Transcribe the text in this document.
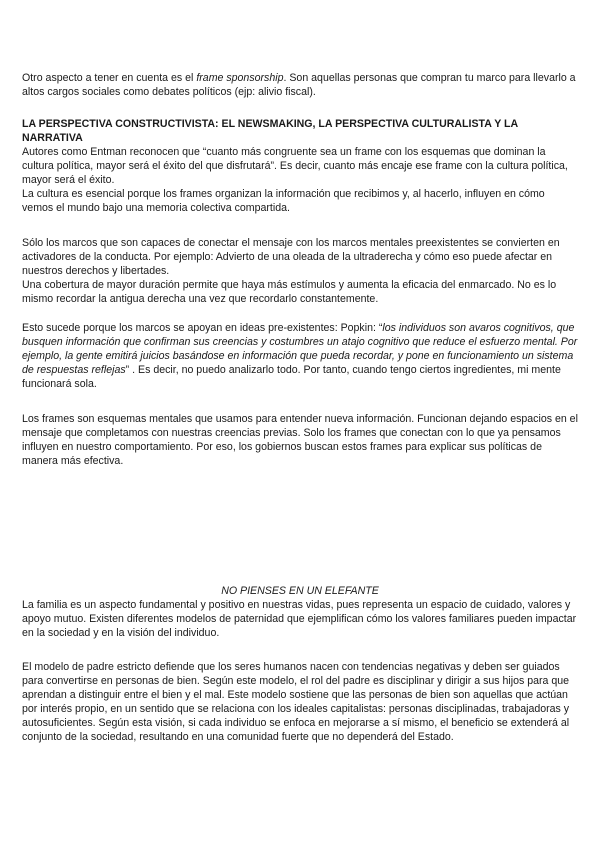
Otro aspecto a tener en cuenta es el frame sponsorship. Son aquellas personas que compran tu marco para llevarlo a altos cargos sociales como debates políticos (ejp: alivio fiscal).

LA PERSPECTIVA CONSTRUCTIVISTA: EL NEWSMAKING, LA PERSPECTIVA CULTURALISTA Y LA NARRATIVA

Autores como Entman reconocen que “cuanto más congruente sea un frame con los esquemas que dominan la cultura política, mayor será el éxito del que disfrutará”. Es decir, cuanto más encaje ese frame con la cultura política, mayor será el éxito.

La cultura es esencial porque los frames organizan la información que recibimos y, al hacerlo, influyen en cómo vemos el mundo bajo una memoria colectiva compartida.

Sólo los marcos que son capaces de conectar el mensaje con los marcos mentales preexistentes se convierten en activadores de la conducta. Por ejemplo: Advierto de una oleada de la ultraderecha y cómo eso puede afectar en nuestros derechos y libertades.

Una cobertura de mayor duración permite que haya más estímulos y aumenta la eficacia del enmarcado. No es lo mismo recordar la antigua derecha una vez que recordarlo constantemente.

Esto sucede porque los marcos se apoyan en ideas pre-existentes: Popkin: “los individuos son avaros cognitivos, que busquen información que confirman sus creencias y costumbres un atajo cognitivo que reduce el esfuerzo mental. Por ejemplo, la gente emitirá juicios basándose en información que pueda recordar, y pone en funcionamiento un sistema de respuestas reflejas” . Es decir, no puedo analizarlo todo. Por tanto, cuando tengo ciertos ingredientes, mi mente funcionará sola.

Los frames son esquemas mentales que usamos para entender nueva información. Funcionan dejando espacios en el mensaje que completamos con nuestras creencias previas. Solo los frames que conectan con lo que ya pensamos influyen en nuestro comportamiento. Por eso, los gobiernos buscan estos frames para explicar sus políticas de manera más efectiva.

NO PIENSES EN UN ELEFANTE

La familia es un aspecto fundamental y positivo en nuestras vidas, pues representa un espacio de cuidado, valores y apoyo mutuo. Existen diferentes modelos de paternidad que ejemplifican cómo los valores familiares pueden impactar en la sociedad y en la visión del individuo.

El modelo de padre estricto defiende que los seres humanos nacen con tendencias negativas y deben ser guiados para convertirse en personas de bien. Según este modelo, el rol del padre es disciplinar y dirigir a sus hijos para que aprendan a distinguir entre el bien y el mal. Este modelo sostiene que las personas de bien son aquellas que actúan por interés propio, en un sentido que se relaciona con los ideales capitalistas: personas disciplinadas, trabajadoras y autosuficientes. Según esta visión, si cada individuo se enfoca en mejorarse a sí mismo, el beneficio se extenderá al conjunto de la sociedad, resultando en una comunidad fuerte que no dependerá del Estado.
